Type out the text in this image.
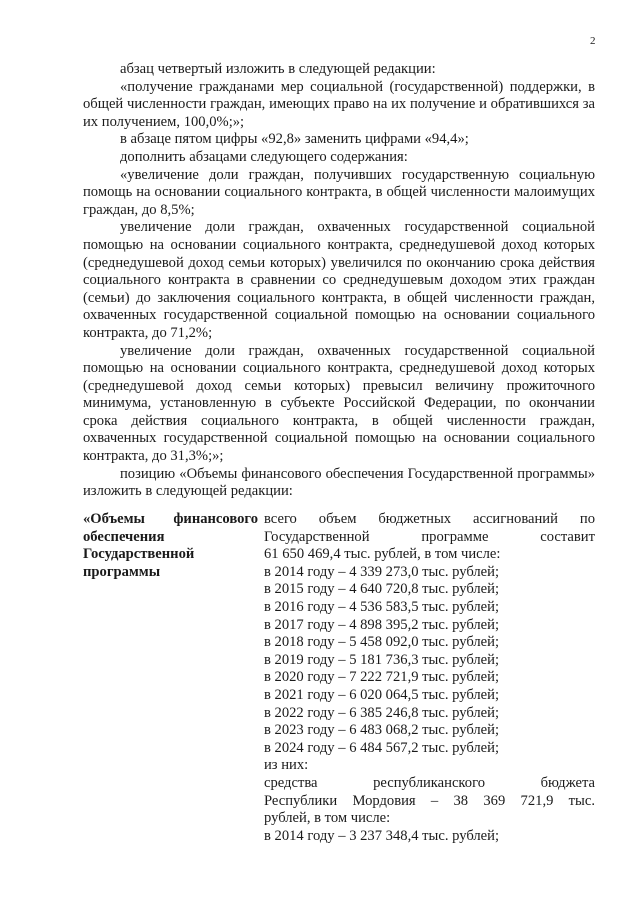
2

абзац четвертый изложить в следующей редакции:

«получение гражданами мер социальной (государственной) поддержки, в общей численности граждан, имеющих право на их получение и обратившихся за их получением, 100,0%;»;

в абзаце пятом цифры «92,8» заменить цифрами «94,4»;

дополнить абзацами следующего содержания:

«увеличение доли граждан, получивших государственную социальную помощь на основании социального контракта, в общей численности малоимущих граждан, до 8,5%;

увеличение доли граждан, охваченных государственной социальной помощью на основании социального контракта, среднедушевой доход которых (среднедушевой доход семьи которых) увеличился по окончанию срока действия социального контракта в сравнении со среднедушевым доходом этих граждан (семьи) до заключения социального контракта, в общей численности граждан, охваченных государственной социальной помощью на основании социального контракта, до 71,2%;

увеличение доли граждан, охваченных государственной социальной помощью на основании социального контракта, среднедушевой доход которых (среднедушевой доход семьи которых) превысил величину прожиточного минимума, установленную в субъекте Российской Федерации, по окончании срока действия социального контракта, в общей численности граждан, охваченных государственной социальной помощью на основании социального контракта, до 31,3%;»;

позицию «Объемы финансового обеспечения Государственной программы» изложить в следующей редакции:

«Объемы финансового
обеспечения
Государственной
программы
всего объем бюджетных ассигнований по
Государственной программе составит
61 650 469,4 тыс. рублей, в том числе:
в 2014 году – 4 339 273,0 тыс. рублей;
в 2015 году – 4 640 720,8 тыс. рублей;
в 2016 году – 4 536 583,5 тыс. рублей;
в 2017 году – 4 898 395,2 тыс. рублей;
в 2018 году – 5 458 092,0 тыс. рублей;
в 2019 году – 5 181 736,3 тыс. рублей;
в 2020 году – 7 222 721,9 тыс. рублей;
в 2021 году – 6 020 064,5 тыс. рублей;
в 2022 году – 6 385 246,8 тыс. рублей;
в 2023 году – 6 483 068,2 тыс. рублей;
в 2024 году – 6 484 567,2 тыс. рублей;
из них:
средства республиканского бюджета
Республики Мордовия – 38 369 721,9 тыс.
рублей, в том числе:
в 2014 году – 3 237 348,4 тыс. рублей;
